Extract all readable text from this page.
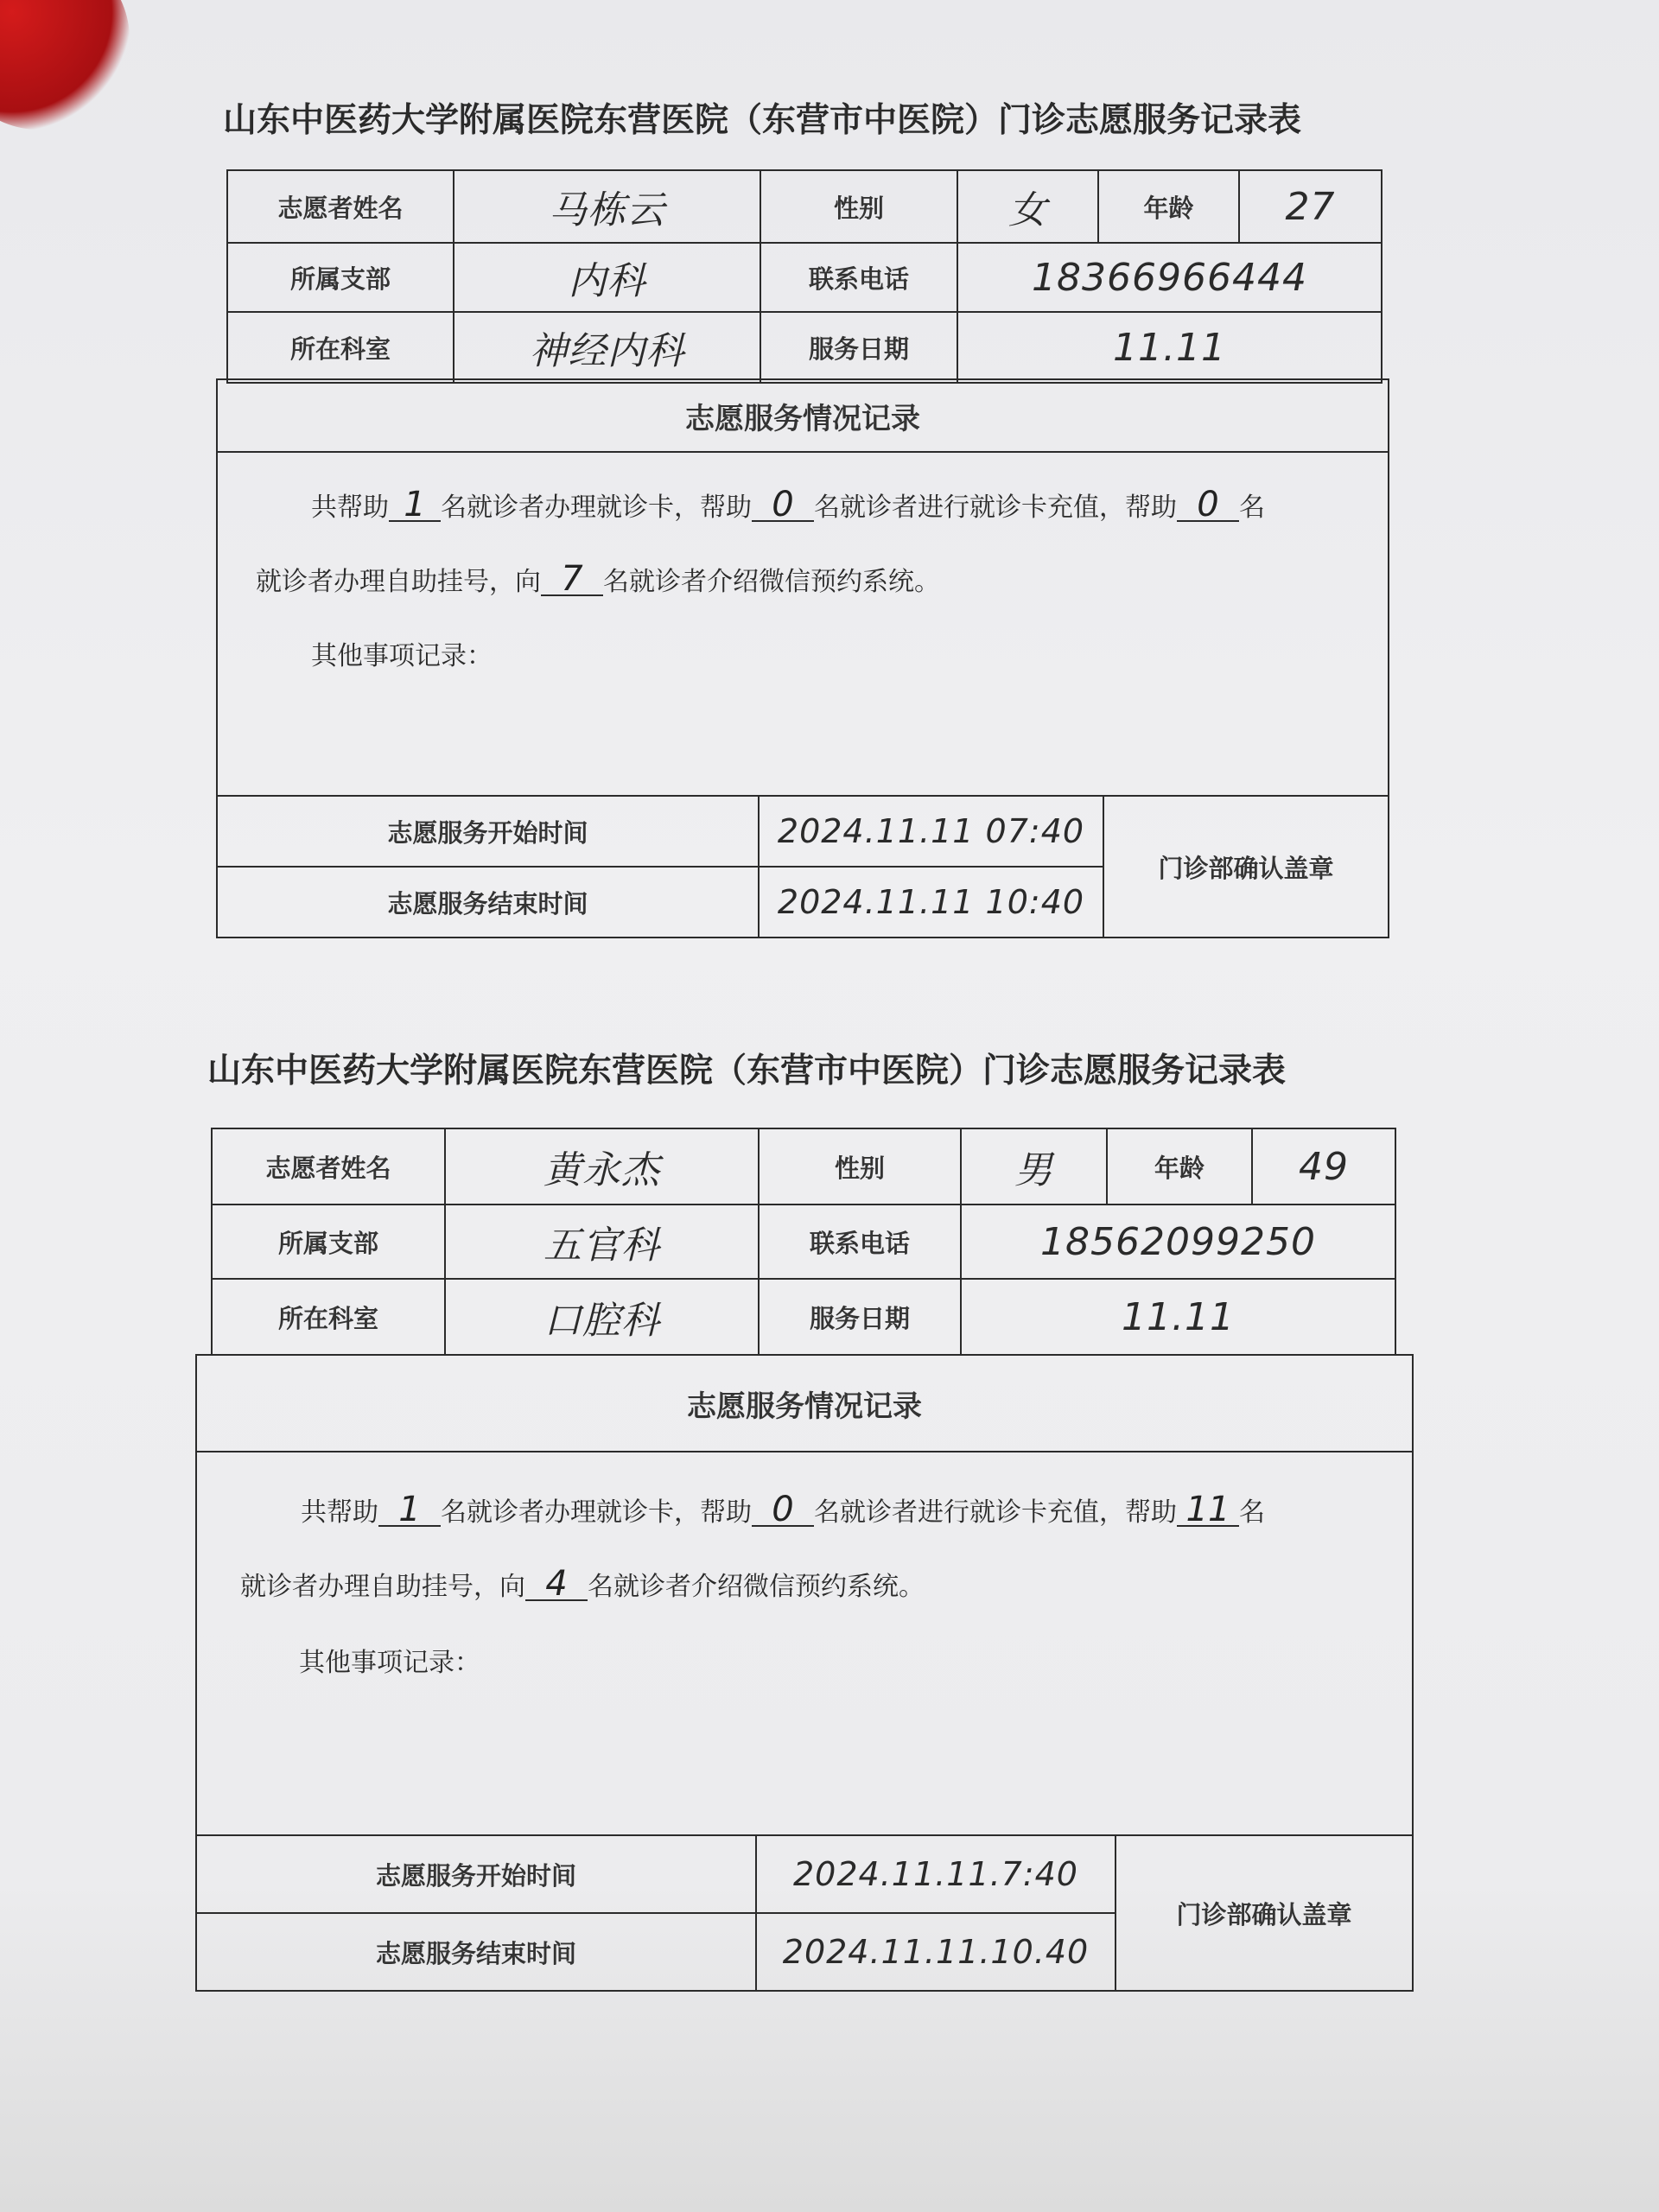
山东中医药大学附属医院东营医院（东营市中医院）门诊志愿服务记录表
志愿者姓名	马栋云	性别	女	年龄	27
所属支部	内科	联系电话	18366966444		
所在科室	神经内科	服务日期	11.11		
志愿服务情况记录		

共帮助 1 名就诊者办理就诊卡，帮助 0 名就诊者进行就诊卡充值，帮助 0 名
就诊者办理自助挂号，向 7 名就诊者介绍微信预约系统。
其他事项记录：		

志愿服务开始时间	2024.11.11 07:40	门诊部确认盖章
志愿服务结束时间	2024.11.11 10:40	
山东中医药大学附属医院东营医院（东营市中医院）门诊志愿服务记录表
志愿者姓名	黄永杰	性别	男	年龄	49
所属支部	五官科	联系电话	18562099250		
所在科室	口腔科	服务日期	11.11		
志愿服务情况记录		

共帮助 1 名就诊者办理就诊卡，帮助 0 名就诊者进行就诊卡充值，帮助 11 名
就诊者办理自助挂号，向 4 名就诊者介绍微信预约系统。
其他事项记录：		

志愿服务开始时间	2024.11.11.7:40	门诊部确认盖章
志愿服务结束时间	2024.11.11.10.40	
